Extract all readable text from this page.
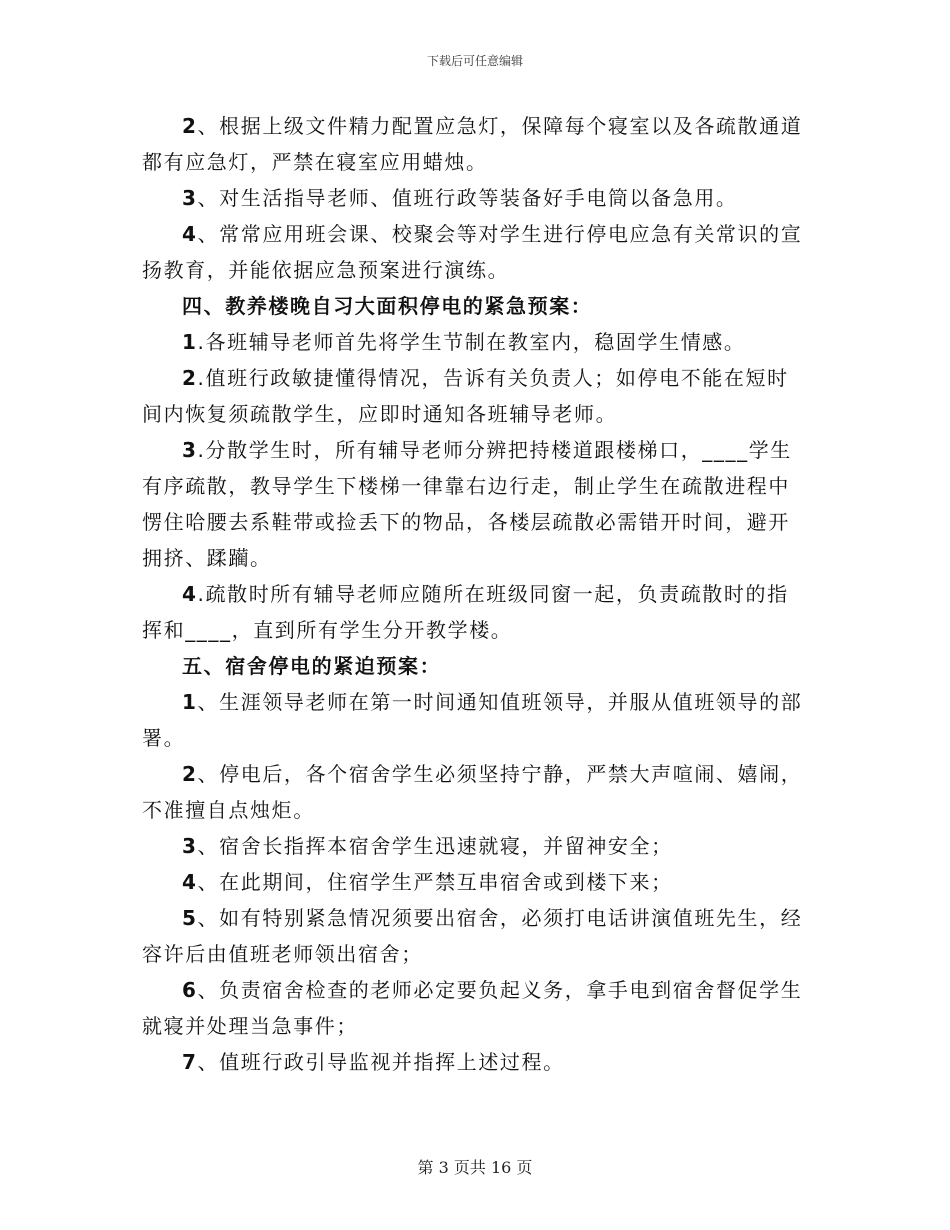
下载后可任意编辑

2、根据上级文件精力配置应急灯，保障每个寝室以及各疏散通道都有应急灯，严禁在寝室应用蜡烛。

3、对生活指导老师、值班行政等装备好手电筒以备急用。

4、常常应用班会课、校聚会等对学生进行停电应急有关常识的宣扬教育，并能依据应急预案进行演练。

四、教养楼晚自习大面积停电的紧急预案：

1.各班辅导老师首先将学生节制在教室内，稳固学生情感。

2.值班行政敏捷懂得情况，告诉有关负责人；如停电不能在短时间内恢复须疏散学生，应即时通知各班辅导老师。

3.分散学生时，所有辅导老师分辨把持楼道跟楼梯口，____学生有序疏散，教导学生下楼梯一律靠右边行走，制止学生在疏散进程中愣住哈腰去系鞋带或捡丢下的物品，各楼层疏散必需错开时间，避开拥挤、蹂躏。

4.疏散时所有辅导老师应随所在班级同窗一起，负责疏散时的指挥和____，直到所有学生分开教学楼。

五、宿舍停电的紧迫预案：

1、生涯领导老师在第一时间通知值班领导，并服从值班领导的部署。

2、停电后，各个宿舍学生必须坚持宁静，严禁大声喧闹、嬉闹，不准擅自点烛炬。

3、宿舍长指挥本宿舍学生迅速就寝，并留神安全；

4、在此期间，住宿学生严禁互串宿舍或到楼下来；

5、如有特别紧急情况须要出宿舍，必须打电话讲演值班先生，经容许后由值班老师领出宿舍；

6、负责宿舍检查的老师必定要负起义务，拿手电到宿舍督促学生就寝并处理当急事件；

7、值班行政引导监视并指挥上述过程。

第 3 页共 16 页
